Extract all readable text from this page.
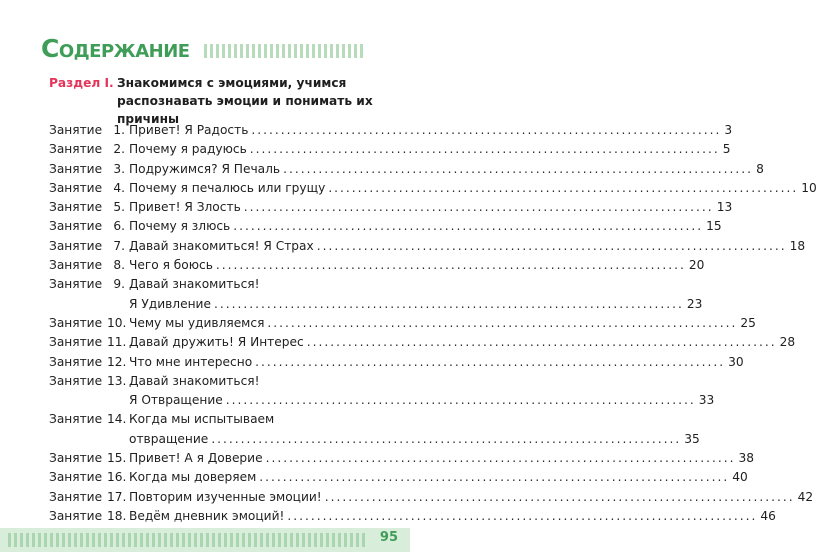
Содержание
Раздел I. Знакомимся с эмоциями, учимся распознавать эмоции и понимать их причины
Занятие 1. Привет! Я Радость ................................................................................ 3
Занятие 2. Почему я радуюсь ................................................................................ 5
Занятие 3. Подружимся? Я Печаль ................................................................................ 8
Занятие 4. Почему я печалюсь или грущу ................................................................................ 10
Занятие 5. Привет! Я Злость ................................................................................ 13
Занятие 6. Почему я злюсь ................................................................................ 15
Занятие 7. Давай знакомиться! Я Страх ................................................................................ 18
Занятие 8. Чего я боюсь ................................................................................ 20
Занятие 9. Давай знакомиться!
Я Удивление ................................................................................ 23
Занятие 10. Чему мы удивляемся ................................................................................ 25
Занятие 11. Давай дружить! Я Интерес ................................................................................ 28
Занятие 12. Что мне интересно ................................................................................ 30
Занятие 13. Давай знакомиться!
Я Отвращение ................................................................................ 33
Занятие 14. Когда мы испытываем
отвращение ................................................................................ 35
Занятие 15. Привет! А я Доверие ................................................................................ 38
Занятие 16. Когда мы доверяем ................................................................................ 40
Занятие 17. Повторим изученные эмоции! ................................................................................ 42
Занятие 18. Ведём дневник эмоций! ................................................................................ 46
95
